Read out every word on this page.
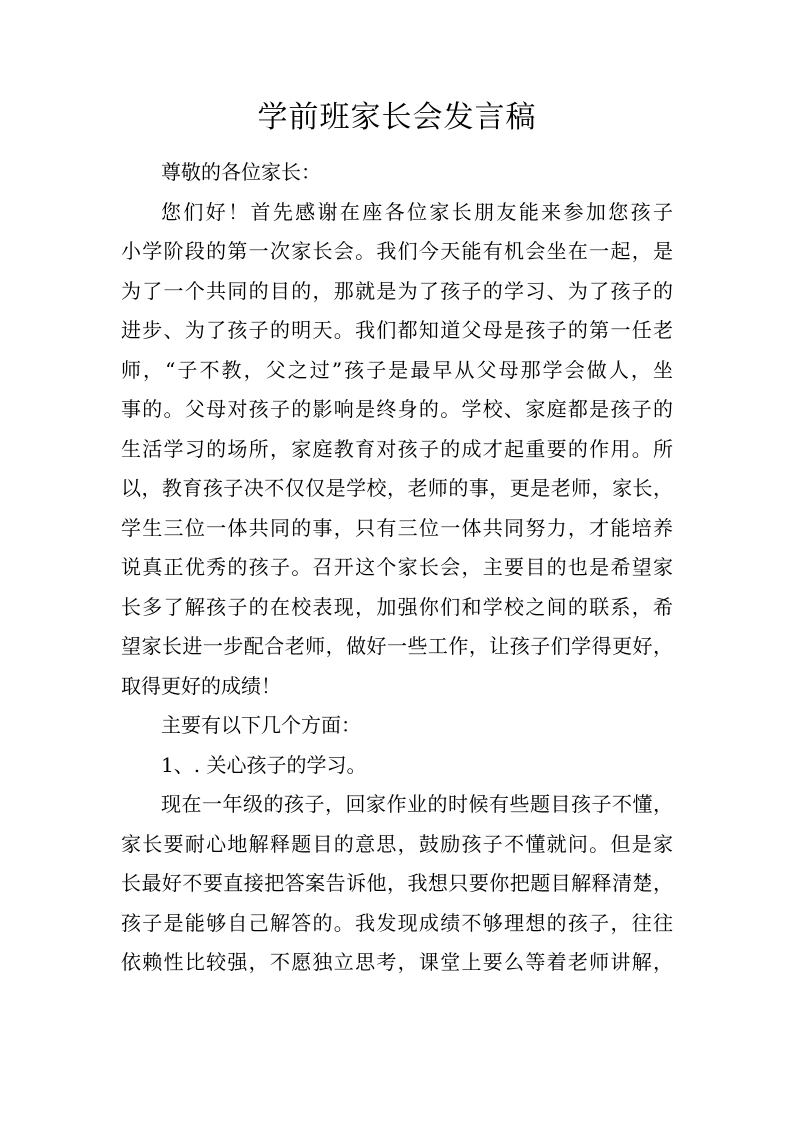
学前班家长会发言稿
尊敬的各位家长：
您们好！首先感谢在座各位家长朋友能来参加您孩子
小学阶段的第一次家长会。我们今天能有机会坐在一起，是
为了一个共同的目的，那就是为了孩子的学习、为了孩子的
进步、为了孩子的明天。我们都知道父母是孩子的第一任老
师，“子不教，父之过”孩子是最早从父母那学会做人，坐
事的。父母对孩子的影响是终身的。学校、家庭都是孩子的
生活学习的场所，家庭教育对孩子的成才起重要的作用。所
以，教育孩子决不仅仅是学校，老师的事，更是老师，家长，
学生三位一体共同的事，只有三位一体共同努力，才能培养
说真正优秀的孩子。召开这个家长会，主要目的也是希望家
长多了解孩子的在校表现，加强你们和学校之间的联系，希
望家长进一步配合老师，做好一些工作，让孩子们学得更好，
取得更好的成绩！
主要有以下几个方面：
1、. 关心孩子的学习。
现在一年级的孩子，回家作业的时候有些题目孩子不懂，
家长要耐心地解释题目的意思，鼓励孩子不懂就问。但是家
长最好不要直接把答案告诉他，我想只要你把题目解释清楚，
孩子是能够自己解答的。我发现成绩不够理想的孩子，往往
依赖性比较强，不愿独立思考，课堂上要么等着老师讲解，
